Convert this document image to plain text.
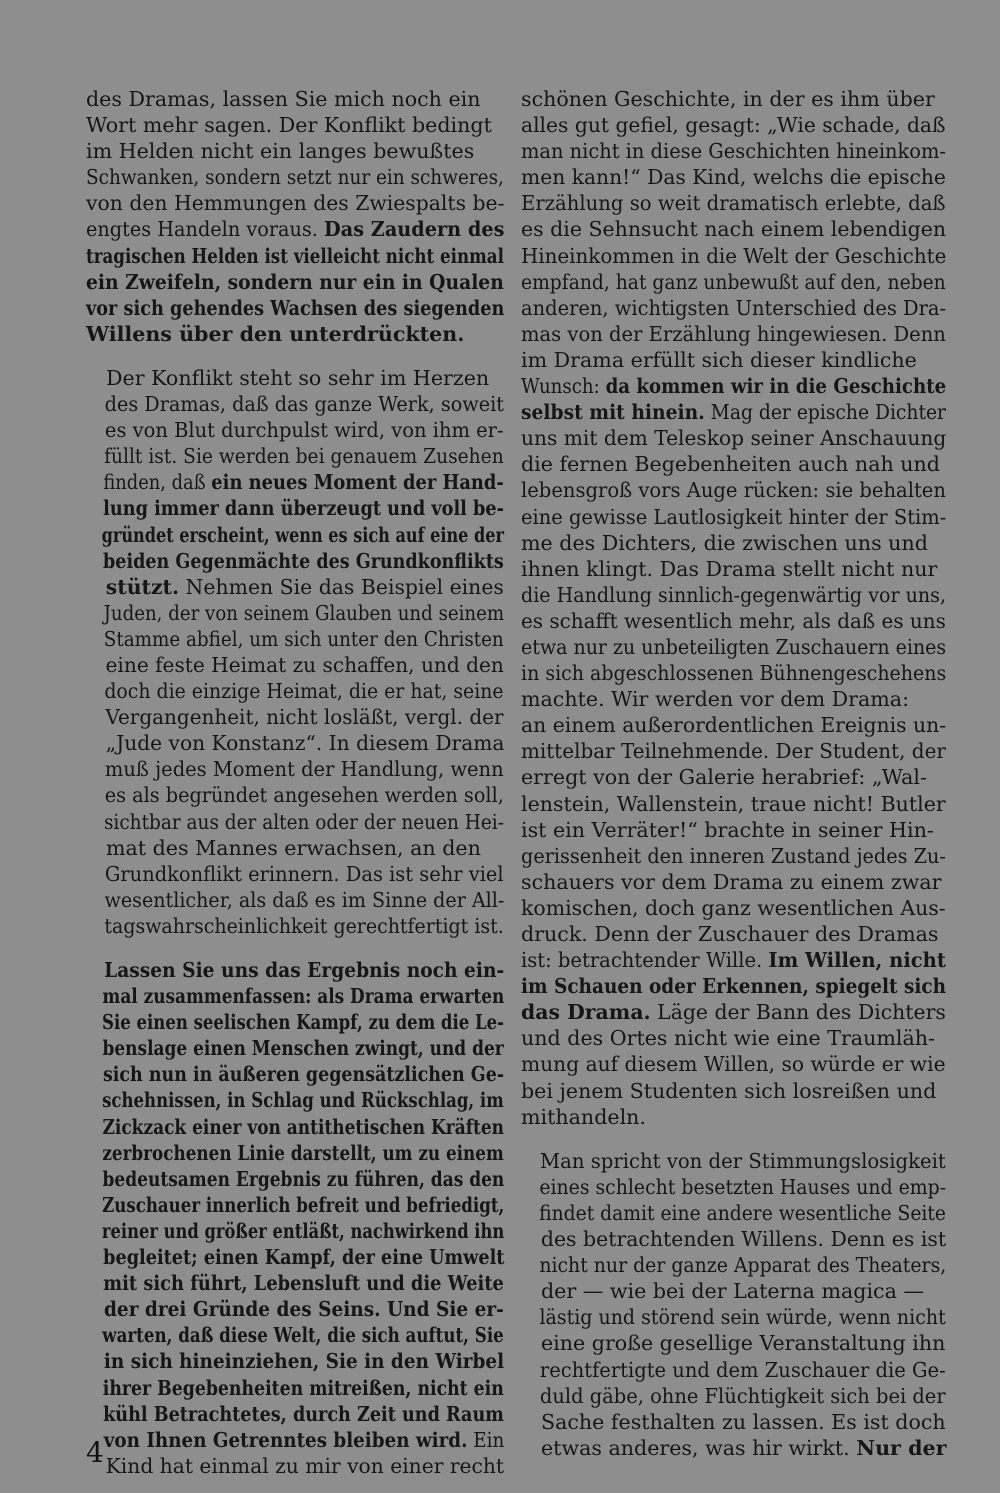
des Dramas, lassen Sie mich noch ein
Wort mehr sagen. Der Konflikt bedingt
im Helden nicht ein langes bewußtes
Schwanken, sondern setzt nur ein schweres,
von den Hemmungen des Zwiespalts be-
engtes Handeln voraus. Das Zaudern des
tragischen Helden ist vielleicht nicht einmal
ein Zweifeln, sondern nur ein in Qualen
vor sich gehendes Wachsen des siegenden
Willens über den unterdrückten.
Der Konflikt steht so sehr im Herzen
des Dramas, daß das ganze Werk, soweit
es von Blut durchpulst wird, von ihm er-
füllt ist. Sie werden bei genauem Zusehen
finden, daß ein neues Moment der Hand-
lung immer dann überzeugt und voll be-
gründet erscheint, wenn es sich auf eine der
beiden Gegenmächte des Grundkonflikts
stützt. Nehmen Sie das Beispiel eines
Juden, der von seinem Glauben und seinem
Stamme abfiel, um sich unter den Christen
eine feste Heimat zu schaffen, und den
doch die einzige Heimat, die er hat, seine
Vergangenheit, nicht losläßt, vergl. der
„Jude von Konstanz“. In diesem Drama
muß jedes Moment der Handlung, wenn
es als begründet angesehen werden soll,
sichtbar aus der alten oder der neuen Hei-
mat des Mannes erwachsen, an den
Grundkonflikt erinnern. Das ist sehr viel
wesentlicher, als daß es im Sinne der All-
tagswahrscheinlichkeit gerechtfertigt ist.
Lassen Sie uns das Ergebnis noch ein-
mal zusammenfassen: als Drama erwarten
Sie einen seelischen Kampf, zu dem die Le-
benslage einen Menschen zwingt, und der
sich nun in äußeren gegensätzlichen Ge-
schehnissen, in Schlag und Rückschlag, im
Zickzack einer von antithetischen Kräften
zerbrochenen Linie darstellt, um zu einem
bedeutsamen Ergebnis zu führen, das den
Zuschauer innerlich befreit und befriedigt,
reiner und größer entläßt, nachwirkend ihn
begleitet; einen Kampf, der eine Umwelt
mit sich führt, Lebensluft und die Weite
der drei Gründe des Seins. Und Sie er-
warten, daß diese Welt, die sich auftut, Sie
in sich hineinziehen, Sie in den Wirbel
ihrer Begebenheiten mitreißen, nicht ein
kühl Betrachtetes, durch Zeit und Raum
von Ihnen Getrenntes bleiben wird. Ein
Kind hat einmal zu mir von einer recht
schönen Geschichte, in der es ihm über
alles gut gefiel, gesagt: „Wie schade, daß
man nicht in diese Geschichten hineinkom-
men kann!“ Das Kind, welchs die epische
Erzählung so weit dramatisch erlebte, daß
es die Sehnsucht nach einem lebendigen
Hineinkommen in die Welt der Geschichte
empfand, hat ganz unbewußt auf den, neben
anderen, wichtigsten Unterschied des Dra-
mas von der Erzählung hingewiesen. Denn
im Drama erfüllt sich dieser kindliche
Wunsch: da kommen wir in die Geschichte
selbst mit hinein. Mag der epische Dichter
uns mit dem Teleskop seiner Anschauung
die fernen Begebenheiten auch nah und
lebensgroß vors Auge rücken: sie behalten
eine gewisse Lautlosigkeit hinter der Stim-
me des Dichters, die zwischen uns und
ihnen klingt. Das Drama stellt nicht nur
die Handlung sinnlich-gegenwärtig vor uns,
es schafft wesentlich mehr, als daß es uns
etwa nur zu unbeteiligten Zuschauern eines
in sich abgeschlossenen Bühnengeschehens
machte. Wir werden vor dem Drama:
an einem außerordentlichen Ereignis un-
mittelbar Teilnehmende. Der Student, der
erregt von der Galerie herabrief: „Wal-
lenstein, Wallenstein, traue nicht! Butler
ist ein Verräter!“ brachte in seiner Hin-
gerissenheit den inneren Zustand jedes Zu-
schauers vor dem Drama zu einem zwar
komischen, doch ganz wesentlichen Aus-
druck. Denn der Zuschauer des Dramas
ist: betrachtender Wille. Im Willen, nicht
im Schauen oder Erkennen, spiegelt sich
das Drama. Läge der Bann des Dichters
und des Ortes nicht wie eine Traumläh-
mung auf diesem Willen, so würde er wie
bei jenem Studenten sich losreißen und
mithandeln.
Man spricht von der Stimmungslosigkeit
eines schlecht besetzten Hauses und emp-
findet damit eine andere wesentliche Seite
des betrachtenden Willens. Denn es ist
nicht nur der ganze Apparat des Theaters,
der — wie bei der Laterna magica —
lästig und störend sein würde, wenn nicht
eine große gesellige Veranstaltung ihn
rechtfertigte und dem Zuschauer die Ge-
duld gäbe, ohne Flüchtigkeit sich bei der
Sache festhalten zu lassen. Es ist doch
etwas anderes, was hir wirkt. Nur der
4
